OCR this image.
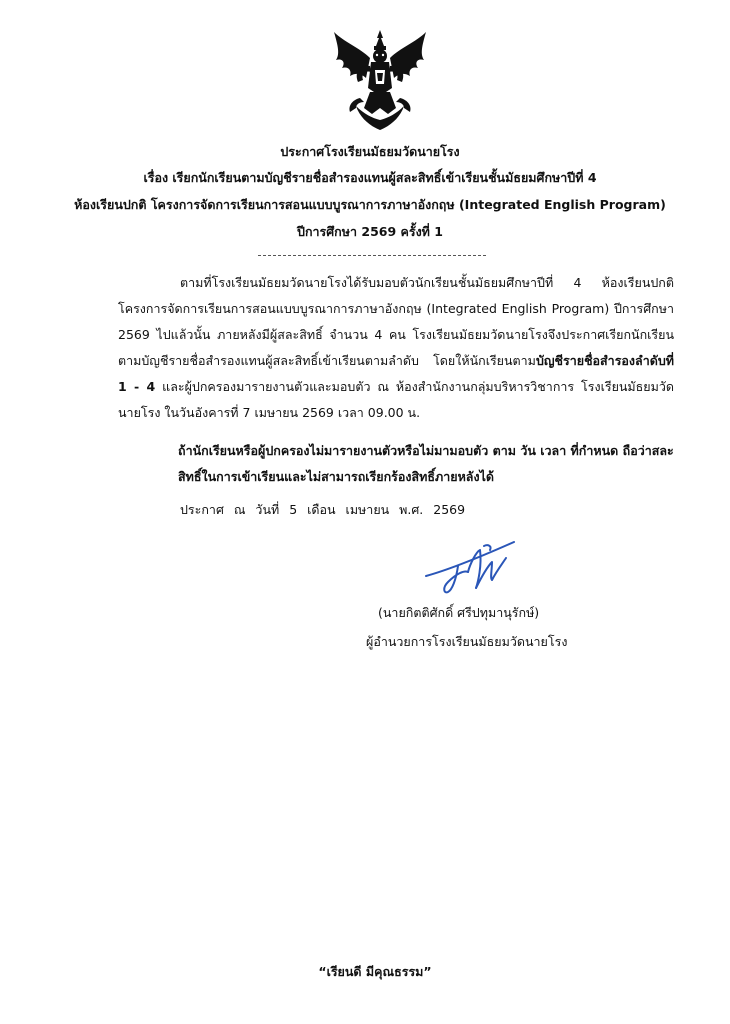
ประกาศโรงเรียนมัธยมวัดนายโรง
เรื่อง เรียกนักเรียนตามบัญชีรายชื่อสำรองแทนผู้สละสิทธิ์เข้าเรียนชั้นมัธยมศึกษาปีที่ 4
ห้องเรียนปกติ โครงการจัดการเรียนการสอนแบบบูรณาการภาษาอังกฤษ (Integrated English Program)
ปีการศึกษา 2569 ครั้งที่ 1

ตามที่โรงเรียนมัธยมวัดนายโรงได้รับมอบตัวนักเรียนชั้นมัธยมศึกษาปีที่ 4 ห้องเรียนปกติ โครงการจัดการเรียนการสอนแบบบูรณาการภาษาอังกฤษ (Integrated English Program) ปีการศึกษา 2569 ไปแล้วนั้น ภายหลังมีผู้สละสิทธิ์ จำนวน 4 คน โรงเรียนมัธยมวัดนายโรงจึงประกาศเรียกนักเรียนตามบัญชีรายชื่อสำรองแทนผู้สละสิทธิ์เข้าเรียนตามลำดับ โดยให้นักเรียนตามบัญชีรายชื่อสำรองลำดับที่ 1 - 4 และผู้ปกครองมารายงานตัวและมอบตัว ณ ห้องสำนักงานกลุ่มบริหารวิชาการ โรงเรียนมัธยมวัดนายโรง ในวันอังคารที่ 7 เมษายน 2569 เวลา 09.00 น.

ถ้านักเรียนหรือผู้ปกครองไม่มารายงานตัวหรือไม่มามอบตัว ตาม วัน เวลา ที่กำหนด ถือว่าสละสิทธิ์ในการเข้าเรียนและไม่สามารถเรียกร้องสิทธิ์ภายหลังได้

ประกาศ ณ วันที่ 5 เดือน เมษายน พ.ศ. 2569
(นายกิตติศักดิ์ ศรีปทุมานุรักษ์)
ผู้อำนวยการโรงเรียนมัธยมวัดนายโรง
“เรียนดี มีคุณธรรม”
